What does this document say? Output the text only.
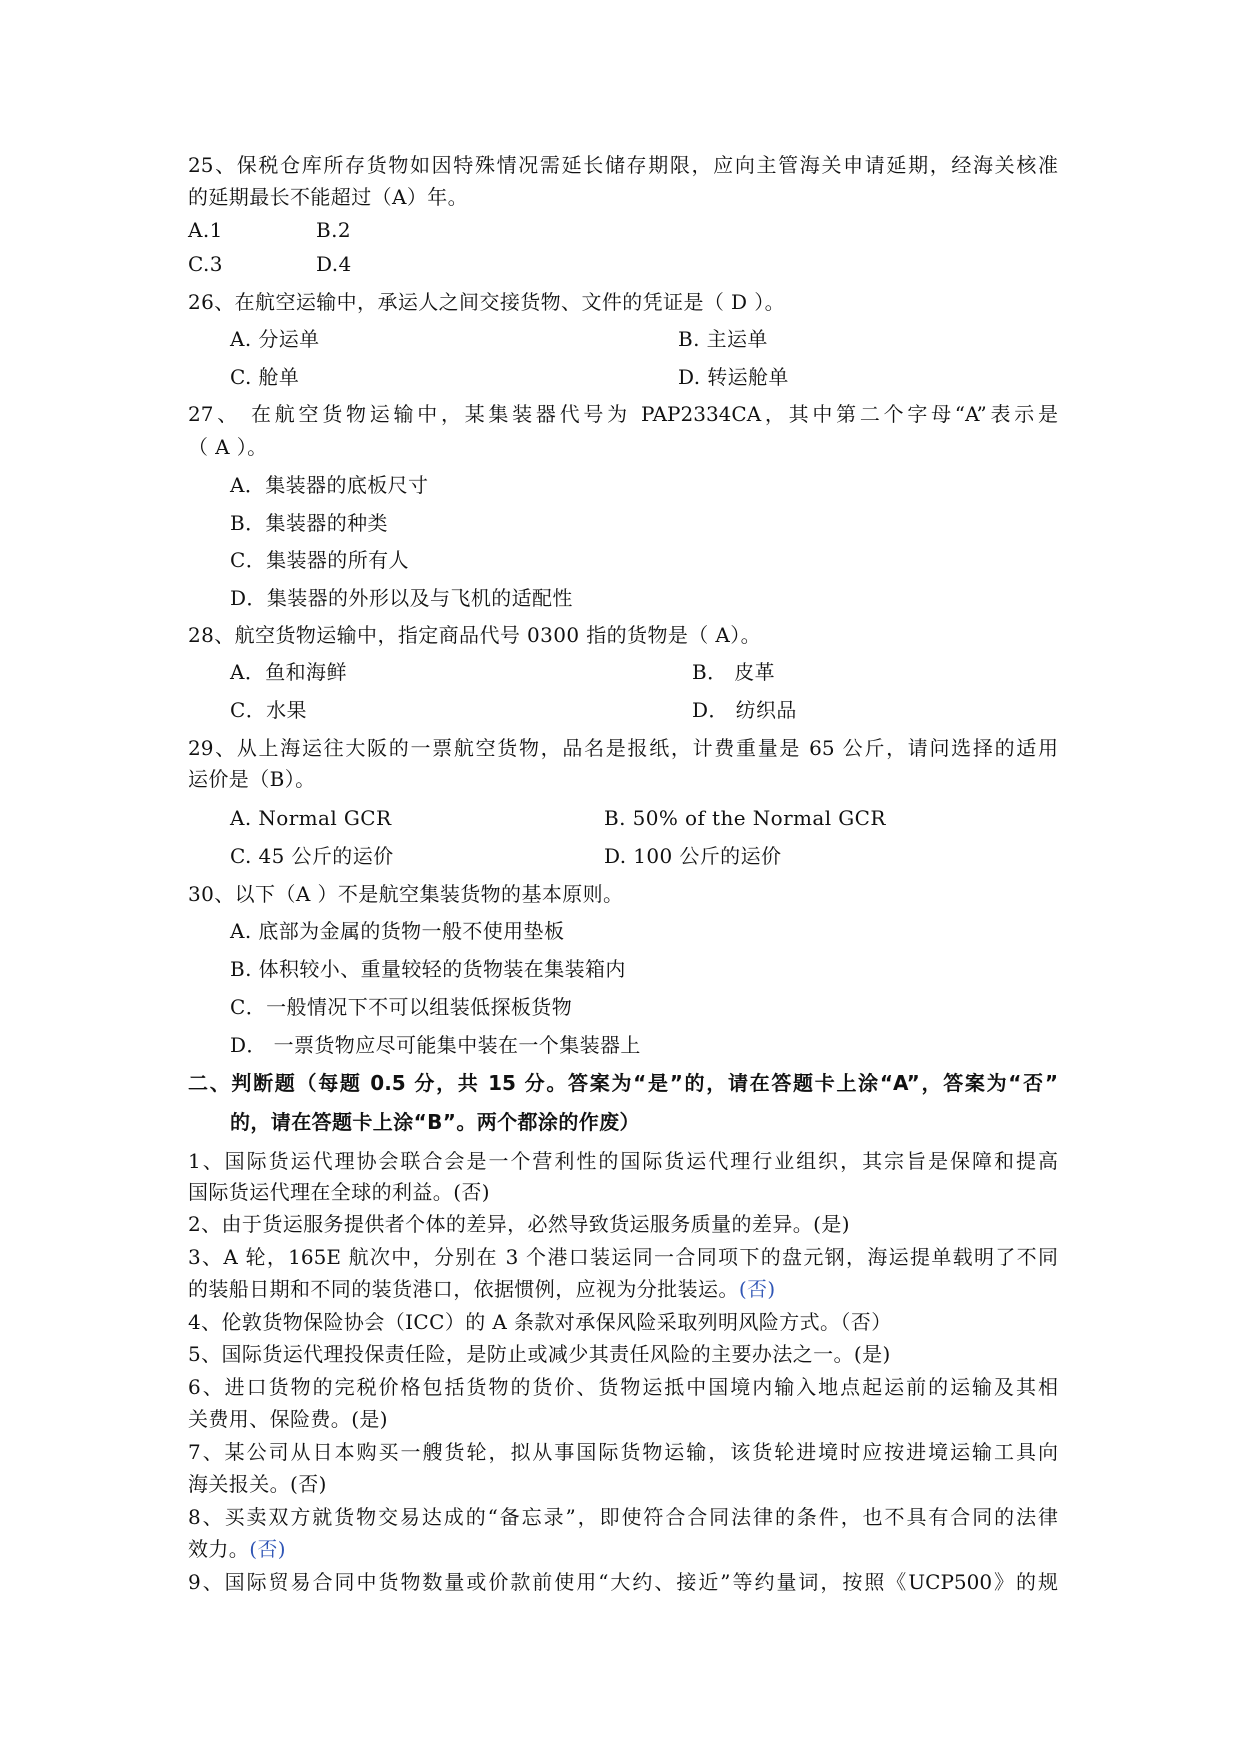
25、保税仓库所存货物如因特殊情况需延长储存期限，应向主管海关申请延期，经海关核准
的延期最长不能超过（A）年。
A.1	B.2
C.3	D.4
26、在航空运输中，承运人之间交接货物、文件的凭证是（ D ）。
A. 分运单	B. 主运单
C. 舱单	D. 转运舱单
27、 在航空货物运输中，某集装器代号为 PAP2334CA，其中第二个字母“A”表示是
（ A ）。
A．集装器的底板尺寸
B．集装器的种类
C．集装器的所有人
D．集装器的外形以及与飞机的适配性
28、航空货物运输中，指定商品代号 0300 指的货物是（ A）。
A．鱼和海鲜	B． 皮革
C．水果	D． 纺织品
29、从上海运往大阪的一票航空货物，品名是报纸，计费重量是 65 公斤，请问选择的适用
运价是（B）。
A. Normal GCR	B. 50% of the Normal GCR
C. 45 公斤的运价	D. 100 公斤的运价
30、以下（A ）不是航空集装货物的基本原则。
A. 底部为金属的货物一般不使用垫板
B. 体积较小、重量较轻的货物装在集装箱内
C．一般情况下不可以组装低探板货物
D． 一票货物应尽可能集中装在一个集装器上
二、判断题（每题 0.5 分，共 15 分。答案为“是”的，请在答题卡上涂“A”，答案为“否”
的，请在答题卡上涂“B”。两个都涂的作废）
1、国际货运代理协会联合会是一个营利性的国际货运代理行业组织，其宗旨是保障和提高
国际货运代理在全球的利益。(否)
2、由于货运服务提供者个体的差异，必然导致货运服务质量的差异。(是)
3、A 轮，165E 航次中，分别在 3 个港口装运同一合同项下的盘元钢，海运提单载明了不同
的装船日期和不同的装货港口，依据惯例，应视为分批装运。(否)
4、伦敦货物保险协会（ICC）的 A 条款对承保风险采取列明风险方式。（否）
5、国际货运代理投保责任险，是防止或减少其责任风险的主要办法之一。(是)
6、进口货物的完税价格包括货物的货价、货物运抵中国境内输入地点起运前的运输及其相
关费用、保险费。(是)
7、某公司从日本购买一艘货轮，拟从事国际货物运输，该货轮进境时应按进境运输工具向
海关报关。(否)
8、买卖双方就货物交易达成的“备忘录”，即使符合合同法律的条件，也不具有合同的法律
效力。(否)
9、国际贸易合同中货物数量或价款前使用“大约、接近”等约量词，按照《UCP500》的规
